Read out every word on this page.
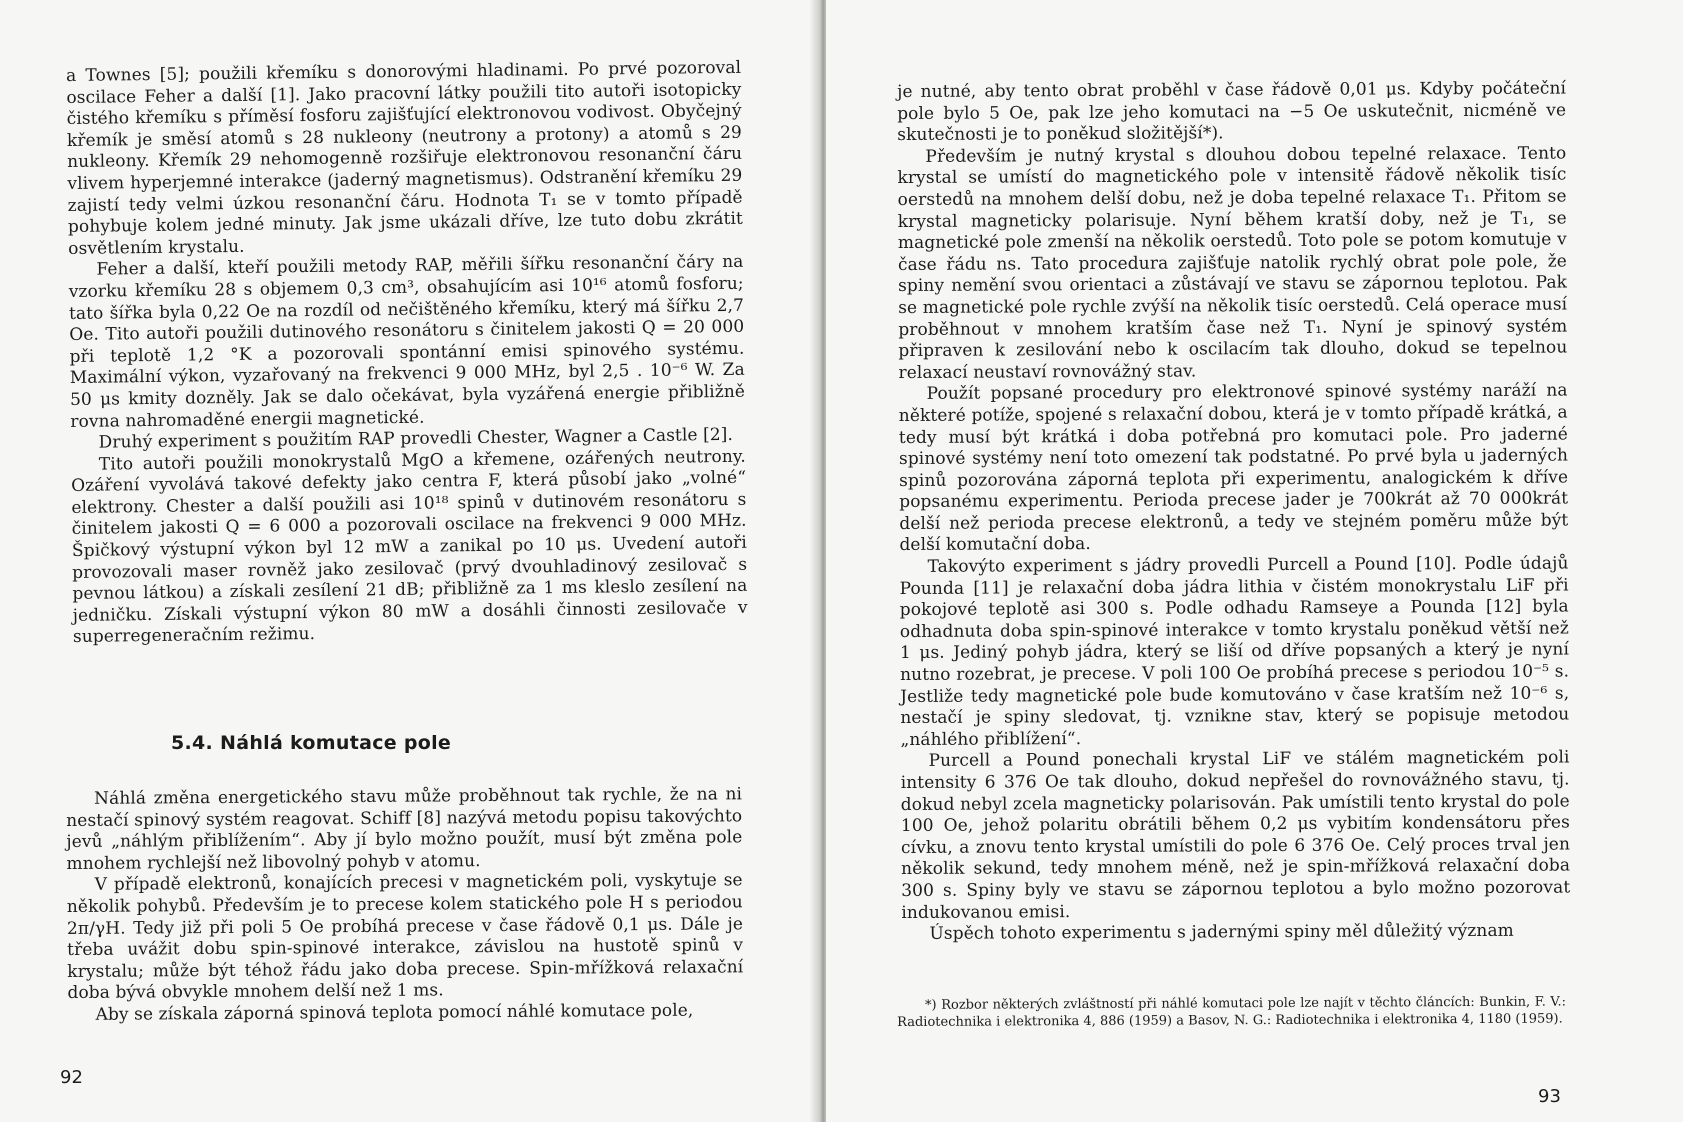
a Townes [5]; použili křemíku s donorovými hladinami. Po prvé pozoroval oscilace Feher a další [1]. Jako pracovní látky použili tito autoři isotopicky čistého křemíku s příměsí fosforu zajišťující elektronovou vodivost. Obyčejný křemík je směsí atomů s 28 nukleony (neutrony a protony) a atomů s 29 nukleony. Křemík 29 nehomogenně rozšiřuje elektronovou resonanční čáru vlivem hyperjemné interakce (jaderný magnetismus). Odstranění křemíku 29 zajistí tedy velmi úzkou resonanční čáru. Hodnota T₁ se v tomto případě pohybuje kolem jedné minuty. Jak jsme ukázali dříve, lze tuto dobu zkrátit osvětlením krystalu.

Feher a další, kteří použili metody RAP, měřili šířku resonanční čáry na vzorku křemíku 28 s objemem 0,3 cm³, obsahujícím asi 10¹⁶ atomů fosforu; tato šířka byla 0,22 Oe na rozdíl od nečištěného křemíku, který má šířku 2,7 Oe. Tito autoři použili dutinového resonátoru s činitelem jakosti Q = 20 000 při teplotě 1,2 °K a pozorovali spontánní emisi spinového systému. Maximální výkon, vyzařovaný na frekvenci 9 000 MHz, byl 2,5 . 10⁻⁶ W. Za 50 μs kmity dozněly. Jak se dalo očekávat, byla vyzářená energie přibližně rovna nahromaděné energii magnetické.

Druhý experiment s použitím RAP provedli Chester, Wagner a Castle [2].

Tito autoři použili monokrystalů MgO a křemene, ozářených neutrony. Ozáření vyvolává takové defekty jako centra F, která působí jako „volné“ elektrony. Chester a další použili asi 10¹⁸ spinů v dutinovém resonátoru s činitelem jakosti Q = 6 000 a pozorovali oscilace na frekvenci 9 000 MHz. Špičkový výstupní výkon byl 12 mW a zanikal po 10 μs. Uvedení autoři provozovali maser rovněž jako zesilovač (prvý dvouhladinový zesilovač s pevnou látkou) a získali zesílení 21 dB; přibližně za 1 ms kleslo zesílení na jedničku. Získali výstupní výkon 80 mW a dosáhli činnosti zesilovače v superregeneračním režimu.

5.4. Náhlá komutace pole

Náhlá změna energetického stavu může proběhnout tak rychle, že na ni nestačí spinový systém reagovat. Schiff [8] nazývá metodu popisu takovýchto jevů „náhlým přiblížením“. Aby jí bylo možno použít, musí být změna pole mnohem rychlejší než libovolný pohyb v atomu.

V případě elektronů, konajících precesi v magnetickém poli, vyskytuje se několik pohybů. Především je to precese kolem statického pole H s periodou 2π/γH. Tedy již při poli 5 Oe probíhá precese v čase řádově 0,1 μs. Dále je třeba uvážit dobu spin-spinové interakce, závislou na hustotě spinů v krystalu; může být téhož řádu jako doba precese. Spin-mřížková relaxační doba bývá obvykle mnohem delší než 1 ms.

Aby se získala záporná spinová teplota pomocí náhlé komutace pole,

92

je nutné, aby tento obrat proběhl v čase řádově 0,01 μs. Kdyby počáteční pole bylo 5 Oe, pak lze jeho komutaci na −5 Oe uskutečnit, nicméně ve skutečnosti je to poněkud složitější*).

Především je nutný krystal s dlouhou dobou tepelné relaxace. Tento krystal se umístí do magnetického pole v intensitě řádově několik tisíc oerstedů na mnohem delší dobu, než je doba tepelné relaxace T₁. Přitom se krystal magneticky polarisuje. Nyní během kratší doby, než je T₁, se magnetické pole zmenší na několik oerstedů. Toto pole se potom komutuje v čase řádu ns. Tato procedura zajišťuje natolik rychlý obrat pole pole, že spiny nemění svou orientaci a zůstávají ve stavu se zápornou teplotou. Pak se magnetické pole rychle zvýší na několik tisíc oerstedů. Celá operace musí proběhnout v mnohem kratším čase než T₁. Nyní je spinový systém připraven k zesilování nebo k oscilacím tak dlouho, dokud se tepelnou relaxací neustaví rovnovážný stav.

Použít popsané procedury pro elektronové spinové systémy naráží na některé potíže, spojené s relaxační dobou, která je v tomto případě krátká, a tedy musí být krátká i doba potřebná pro komutaci pole. Pro jaderné spinové systémy není toto omezení tak podstatné. Po prvé byla u jaderných spinů pozorována záporná teplota při experimentu, analogickém k dříve popsanému experimentu. Perioda precese jader je 700krát až 70 000krát delší než perioda precese elektronů, a tedy ve stejném poměru může být delší komutační doba.

Takovýto experiment s jádry provedli Purcell a Pound [10]. Podle údajů Pounda [11] je relaxační doba jádra lithia v čistém monokrystalu LiF při pokojové teplotě asi 300 s. Podle odhadu Ramseye a Pounda [12] byla odhadnuta doba spin-spinové interakce v tomto krystalu poněkud větší než 1 μs. Jediný pohyb jádra, který se liší od dříve popsaných a který je nyní nutno rozebrat, je precese. V poli 100 Oe probíhá precese s periodou 10⁻⁵ s. Jestliže tedy magnetické pole bude komutováno v čase kratším než 10⁻⁶ s, nestačí je spiny sledovat, tj. vznikne stav, který se popisuje metodou „náhlého přiblížení“.

Purcell a Pound ponechali krystal LiF ve stálém magnetickém poli intensity 6 376 Oe tak dlouho, dokud nepřešel do rovnovážného stavu, tj. dokud nebyl zcela magneticky polarisován. Pak umístili tento krystal do pole 100 Oe, jehož polaritu obrátili během 0,2 μs vybitím kondensátoru přes cívku, a znovu tento krystal umístili do pole 6 376 Oe. Celý proces trval jen několik sekund, tedy mnohem méně, než je spin-mřížková relaxační doba 300 s. Spiny byly ve stavu se zápornou teplotou a bylo možno pozorovat indukovanou emisi.

Úspěch tohoto experimentu s jadernými spiny měl důležitý význam

*) Rozbor některých zvláštností při náhlé komutaci pole lze najít v těchto článcích: Bunkin, F. V.: Radiotechnika i elektronika 4, 886 (1959) a Basov, N. G.: Radiotechnika i elektronika 4, 1180 (1959).

93
